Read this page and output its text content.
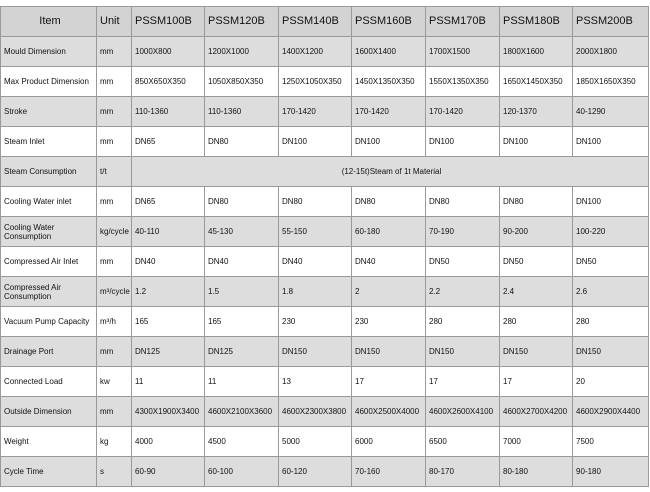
Item	Unit	PSSM100B	PSSM120B	PSSM140B	PSSM160B	PSSM170B	PSSM180B	PSSM200B
Mould Dimension	mm	1000X800	1200X1000	1400X1200	1600X1400	1700X1500	1800X1600	2000X1800
Max Product Dimension	mm	850X650X350	1050X850X350	1250X1050X350	1450X1350X350	1550X1350X350	1650X1450X350	1850X1650X350
Stroke	mm	110-1360	110-1360	170-1420	170-1420	170-1420	120-1370	40-1290
Steam Inlet	mm	DN65	DN80	DN100	DN100	DN100	DN100	DN100
Steam Consumption	t/t	(12-15t)Steam of 1t Material						
Cooling Water inlet	mm	DN65	DN80	DN80	DN80	DN80	DN80	DN100
Cooling Water Consumption	kg/cycle	40-110	45-130	55-150	60-180	70-190	90-200	100-220
Compressed Air Inlet	mm	DN40	DN40	DN40	DN40	DN50	DN50	DN50
Compressed Air Consumption	m³/cycle	1.2	1.5	1.8	2	2.2	2.4	2.6
Vacuum Pump Capacity	m³/h	165	165	230	230	280	280	280
Drainage Port	mm	DN125	DN125	DN150	DN150	DN150	DN150	DN150
Connected Load	kw	11	11	13	17	17	17	20
Outside Dimension	mm	4300X1900X3400	4600X2100X3600	4600X2300X3800	4600X2500X4000	4600X2600X4100	4600X2700X4200	4600X2900X4400
Weight	kg	4000	4500	5000	6000	6500	7000	7500
Cycle Time	s	60-90	60-100	60-120	70-160	80-170	80-180	90-180
